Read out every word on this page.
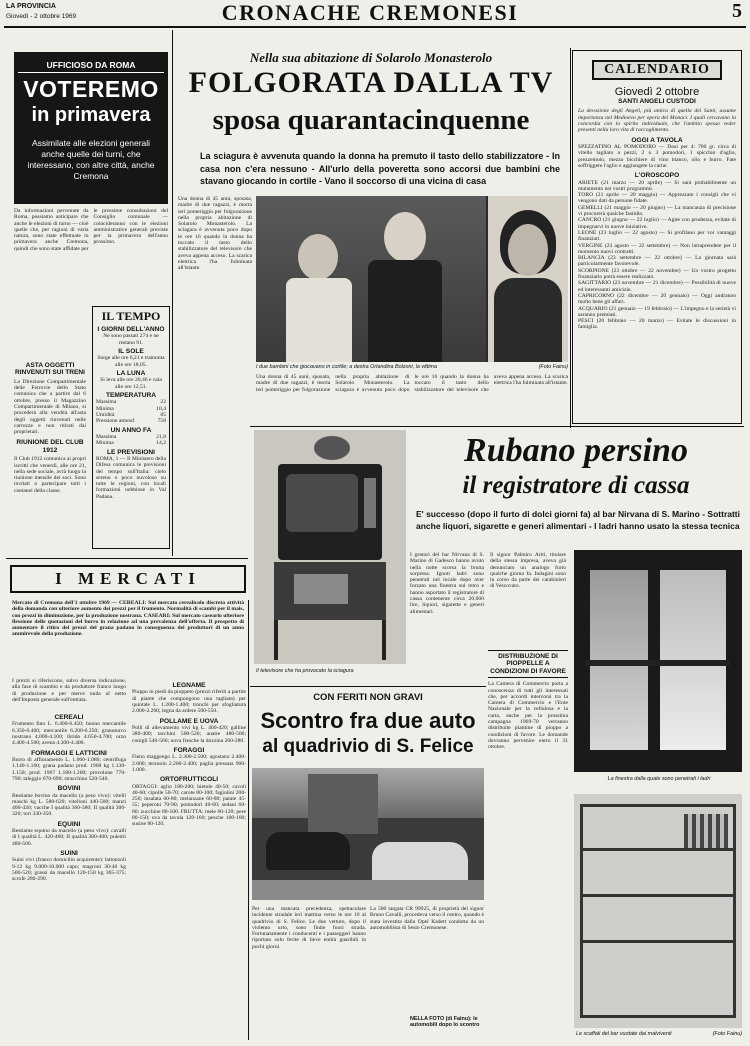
LA PROVINCIA
Giovedì - 2 ottobre 1969	CRONACHE CREMONESI	5
UFFICIOSO DA ROMA
VOTEREMO
in primavera
Assimilate alle elezioni generali anche quelle dei turni, che interessano, con altre città, anche Cremona
Da informazioni pervenute da Roma, possiamo anticipare che anche le elezioni di turno — cioè quelle che, per ragioni di varia natura, sono state effettuate in primavera anche Cremona, quindi che sono state affidate per le prossime consultazioni del Consiglio comunale — coincideranno con le elezioni amministrative generali previste per la primavera dell'anno prossimo.
ASTA OGGETTI RINVENUTI SUI TRENI
La Direzione Compartimentale delle Ferrovie dello Stato comunica che a partire dal 6 ottobre, presso il Magazzino Compartimentale di Milano, si procederà alla vendita all'asta degli oggetti rinvenuti nelle carrozze e non ritirati dai proprietari.
RIUNIONE DEL CLUB 1912
Il Club 1912 comunica ai propri iscritti che venerdì, alle ore 21, nella sede sociale, avrà luogo la riunione mensile dei soci. Sono invitati a partecipare tutti i coetanei della classe.
IL TEMPO
I GIORNI DELL'ANNO
Ne sono passati 274 e ne restano 91.
IL SOLE
Sorge alle ore 6,21 e tramonta alle ore 18,05.
LA LUNA
Si leva alle ore 20,46 e cala alle ore 12,51.
TEMPERATURA
Massima	22
Minima	10,4
Umidità	85
Pressione atmosf.	758
UN ANNO FA
Massima	21,8
Minima	14,2
LE PREVISIONI
ROMA, 1 — Il Ministero della Difesa comunica le previsioni del tempo sull'Italia: cielo sereno o poco nuvoloso su tutte le regioni, con locali formazioni nebbiose in Val Padana.
I MERCATI
Mercato di Cremona dell'1 ottobre 1969 — CEREALI: Sul mercato cerealicolo discreta attività della domanda con ulteriore aumento dei prezzi per il frumento. Normalità di scambi per il mais, con prezzi in diminuzione, per la produzione nostrana. CASEARI: Sul mercato caseario ulteriore flessione delle quotazioni del burro in relazione ad una prevalenza dell'offerta. Il prospetto di aumentare il ritiro dei prezzi del grana padano in conseguenza dei produttori di un anno ammirevole della produzione.
I prezzi si riferiscono, salvo diversa indicazione, alla fase di scambio e da produttore franco luogo di produzione e per merce nuda al netto dell'Imposta generale sull'entrata.
CEREALI
Frumento fino L. 6.400-6.450; buono mercantile 6.350-6.400; mercantile 6.200-6.250; granoturco nostrano 4.000-4.100; ibrido 4.650-4.700; orzo 4.400-4.500; avena 4.300-4.400.
FORMAGGI E LATTICINI
Burro di affioramento L. 1.060-1.080; centrifuga 1.140-1.160; grana padano prod. 1968 kg 1.130-1.150; prod. 1967 1.180-1.200; provolone 770-790; taleggio 670-690; stracchino 520-540.
BOVINI
Bestiame bovino da macello (a peso vivo): vitelli maschi kg L. 580-620; vitelloni 440-500; manzi 400-430; vacche I qualità 360-380; II qualità 300-320; tori 330-350.
EQUINI
Bestiame equino da macello (a peso vivo): cavalli di I qualità L. 420-460; II qualità 380-400; puledri 480-500.
SUINI
Suini vivi (franco domicilio acquirente): lattonzoli 9-12 kg 9.000-10.000 capo; magroni 30-40 kg 500-520; grassi da macello 120-150 kg 365-375; scrofe 280-290.
LEGNAME
Pioppo in piedi da pioppeto (prezzi riferiti a partite di piante che compongono una tagliata) per quintale L. 1.200-1.400; tronchi per sfogliatura 2.000-2.200; legna da ardere 500-550.
POLLAME E UOVA
Polli di allevamento vivi kg L. 400-420; galline 380-400; tacchini 500-520; anatre 480-500; conigli 540-560; uova fresche la dozzina 260-280.
FORAGGI
Fieno maggengo L. 2.300-2.500; agostano 2.400-2.600; terzuolo 2.200-2.400; paglia pressata 900-1.000.
ORTOFRUTTICOLI
ORTAGGI: aglio 180-200; bietole 40-50; cavoli 40-60; cipolle 50-70; carote 80-100; fagiolini 200-250; insalata 60-80; melanzane 60-80; patate 45-55; peperoni 70-90; pomodori 40-60; sedani 60-80; zucchine 80-100. FRUTTA: mele 60-120; pere 80-150; uva da tavola 120-160; pesche 100-180; susine 80-120.
Nella sua abitazione di Solarolo Monasterolo
FOLGORATA DALLA TV
sposa quarantacinquenne
La sciagura è avvenuta quando la donna ha premuto il tasto dello stabilizzatore - In casa non c'era nessuno - All'urlo della poveretta sono accorsi due bambini che stavano giocando in cortile - Vano il soccorso di una vicina di casa
Una donna di 45 anni, sposata, madre di due ragazzi, è morta ieri pomeriggio per folgorazione nella propria abitazione di Solarolo Monasterolo. La sciagura è avvenuta poco dopo le ore 16 quando la donna ha toccato il tasto dello stabilizzatore del televisore che aveva appena acceso. La scarica elettrica l'ha fulminata all'istante.
I due bambini che giocavano in cortile; a destra Orlandina Bolzoni, la vittima	(Foto Fainu)
Una donna di 45 anni, sposata, madre di due ragazzi, è morta ieri pomeriggio per folgorazione nella propria abitazione di Solarolo Monasterolo. La sciagura è avvenuta poco dopo le ore 16 quando la donna ha toccato il tasto dello stabilizzatore del televisore che aveva appena acceso. La scarica elettrica l'ha fulminata all'istante.
Il televisore che ha provocato la sciagura
CALENDARIO
Giovedì 2 ottobre
SANTI ANGELI CUSTODI
La devozione degli Angeli, più antica di quella dei Santi, assume importanza nel Medioevo per opera dei Monaci. I quali cercavano la concordia con lo spirito individuale, che l'ambito spesso veder presenti nella loro vita di raccoglimento.
OGGI A TAVOLA
SPEZZATINO AL POMODORO — Dosi per 4: 700 gr. circa di vitello tagliato a pezzi, 2 o 3 pomodori, 1 spicchio d'aglio, prezzemolo, mezzo bicchiere di vino bianco, olio e burro. Fate soffriggere l'aglio e aggiungete la carne.
L'OROSCOPO
ARIETE (21 marzo — 20 aprile) — Si sarà probabilmente un mutamento nei vostri programmi.
TORO (21 aprile — 20 maggio) — Apprezzate i consigli che vi vengono dati da persone fidate.
GEMELLI (21 maggio — 20 giugno) — La mancanza di precisione vi procurerà qualche fastidio.
CANCRO (21 giugno — 22 luglio) — Agite con prudenza, evitate di impegnarvi in nuove iniziative.
LEONE (23 luglio — 22 agosto) — Si profilano per voi vantaggi finanziari.
VERGINE (23 agosto — 22 settembre) — Non intraprendete per il momento nuovi contratti.
BILANCIA (23 settembre — 22 ottobre) — La giornata sarà particolarmente favorevole.
SCORPIONE (23 ottobre — 22 novembre) — Un vostro progetto finanziario potrà essere realizzato.
SAGITTARIO (23 novembre — 21 dicembre) — Possibilità di nuove ed interessanti amicizie.
CAPRICORNO (22 dicembre — 20 gennaio) — Oggi andranno molto bene gli affari.
ACQUARIO (21 gennaio — 19 febbraio) — L'impegno e la serietà vi saranno premiati.
PESCI (20 febbraio — 20 marzo) — Evitate le discussioni in famiglia.
Rubano persino
il registratore di cassa
E' successo (dopo il furto di dolci giorni fa) al bar Nirvana di S. Marino - Sottratti anche liquori, sigarette e generi alimentari - I ladri hanno usato la stessa tecnica
I gestori del bar Nirvana di S. Marino di Gadesco hanno avuto nella notte scorsa la brutta sorpresa. Ignoti ladri sono penetrati nel locale dopo aver forzato una finestra sul retro e hanno asportato il registratore di cassa contenente circa 20.000 lire, liquori, sigarette e generi alimentari.
Il signor Palmiro Ariti, titolare della stessa impresa, aveva già denunciato un analogo furto qualche giorno fa. Indagini sono in corso da parte dei carabinieri di Vescovato.
DISTRIBUZIONE DI PIOPPELLE A CONDIZIONI DI FAVORE
La Camera di Commercio porta a conoscenza di tutti gli interessati che, per accordi intercorsi tra la Camera di Commercio e l'Ente Nazionale per la cellulosa e la carta, anche per la prossima campagna 1969-70 verranno distribuite piantine di pioppo a condizioni di favore. Le domande dovranno pervenire entro il 31 ottobre.
La finestra dalla quale sono penetrati i ladri
Le scaffali del bar vuotate dai malviventi	(Foto Fainu)
CON FERITI NON GRAVI
Scontro fra due auto
al quadrivio di S. Felice
Per una mancata precedenza, spettacolare incidente stradale ieri mattina verso le ore 10 al quadrivio di S. Felice. Le due vetture, dopo il violento urto, sono finite fuori strada. Fortunatamente i conducenti e i passeggeri hanno riportato solo ferite di lieve entità guaribili in pochi giorni.
La 500 targata CR 99925, di proprietà del signor Bruno Cavalli, procedeva verso il centro, quando è stata investita dalla Opel Kadett condotta da un automobilista di Sesto Cremonese.
NELLA FOTO (di Fainu): le automobili dopo lo scontro
